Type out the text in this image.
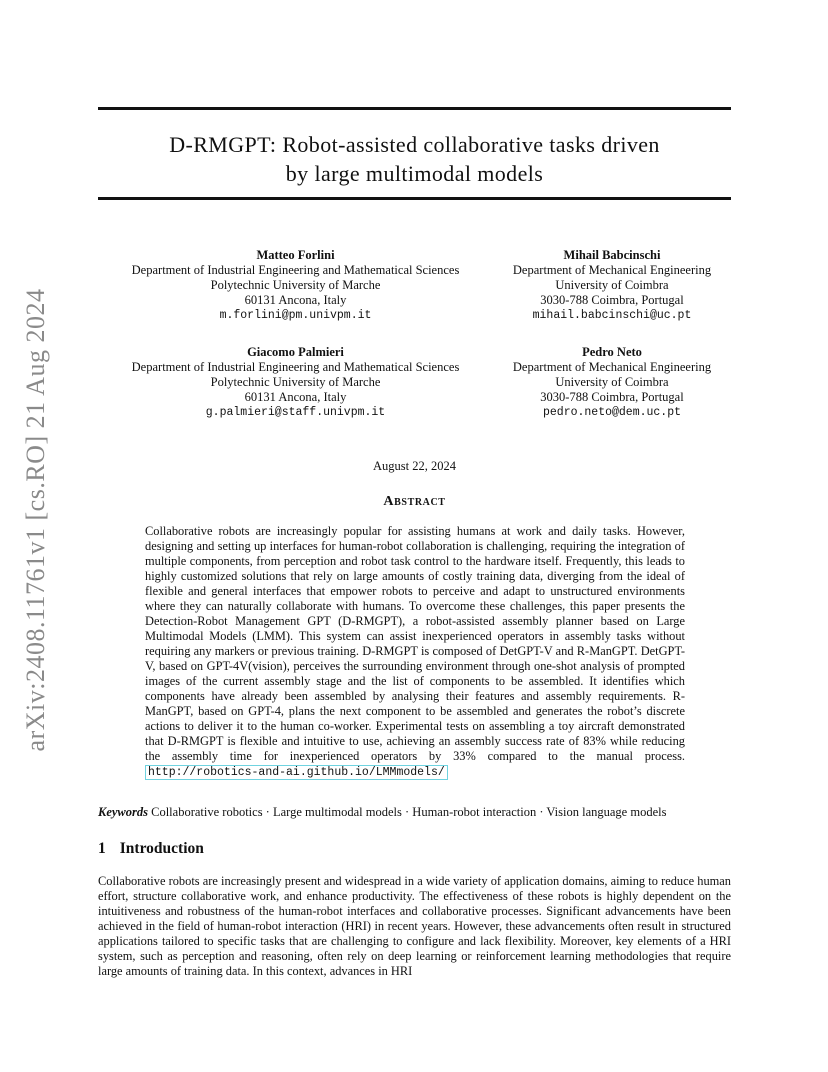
arXiv:2408.11761v1 [cs.RO] 21 Aug 2024
D-RMGPT: Robot-assisted collaborative tasks driven
by large multimodal models
Matteo Forlini
Department of Industrial Engineering and Mathematical Sciences
Polytechnic University of Marche
60131 Ancona, Italy
m.forlini@pm.univpm.it
Mihail Babcinschi
Department of Mechanical Engineering
University of Coimbra
3030-788 Coimbra, Portugal
mihail.babcinschi@uc.pt
Giacomo Palmieri
Department of Industrial Engineering and Mathematical Sciences
Polytechnic University of Marche
60131 Ancona, Italy
g.palmieri@staff.univpm.it
Pedro Neto
Department of Mechanical Engineering
University of Coimbra
3030-788 Coimbra, Portugal
pedro.neto@dem.uc.pt
August 22, 2024
Abstract
Collaborative robots are increasingly popular for assisting humans at work and daily tasks. However, designing and setting up interfaces for human-robot collaboration is challenging, requiring the integration of multiple components, from perception and robot task control to the hardware itself. Frequently, this leads to highly customized solutions that rely on large amounts of costly training data, diverging from the ideal of flexible and general interfaces that empower robots to perceive and adapt to unstructured environments where they can naturally collaborate with humans. To overcome these challenges, this paper presents the Detection-Robot Management GPT (D-RMGPT), a robot-assisted assembly planner based on Large Multimodal Models (LMM). This system can assist inexperienced operators in assembly tasks without requiring any markers or previous training. D-RMGPT is composed of DetGPT-V and R-ManGPT. DetGPT-V, based on GPT-4V(vision), perceives the surrounding environment through one-shot analysis of prompted images of the current assembly stage and the list of components to be assembled. It identifies which components have already been assembled by analysing their features and assembly requirements. R-ManGPT, based on GPT-4, plans the next component to be assembled and generates the robot’s discrete actions to deliver it to the human co-worker. Experimental tests on assembling a toy aircraft demonstrated that D-RMGPT is flexible and intuitive to use, achieving an assembly success rate of 83% while reducing the assembly time for inexperienced operators by 33% compared to the manual process. http://robotics-and-ai.github.io/LMMmodels/
Keywords Collaborative robotics · Large multimodal models · Human-robot interaction · Vision language models
1 Introduction
Collaborative robots are increasingly present and widespread in a wide variety of application domains, aiming to reduce human effort, structure collaborative work, and enhance productivity. The effectiveness of these robots is highly dependent on the intuitiveness and robustness of the human-robot interfaces and collaborative processes. Significant advancements have been achieved in the field of human-robot interaction (HRI) in recent years. However, these advancements often result in structured applications tailored to specific tasks that are challenging to configure and lack flexibility. Moreover, key elements of a HRI system, such as perception and reasoning, often rely on deep learning or reinforcement learning methodologies that require large amounts of training data. In this context, advances in HRI
